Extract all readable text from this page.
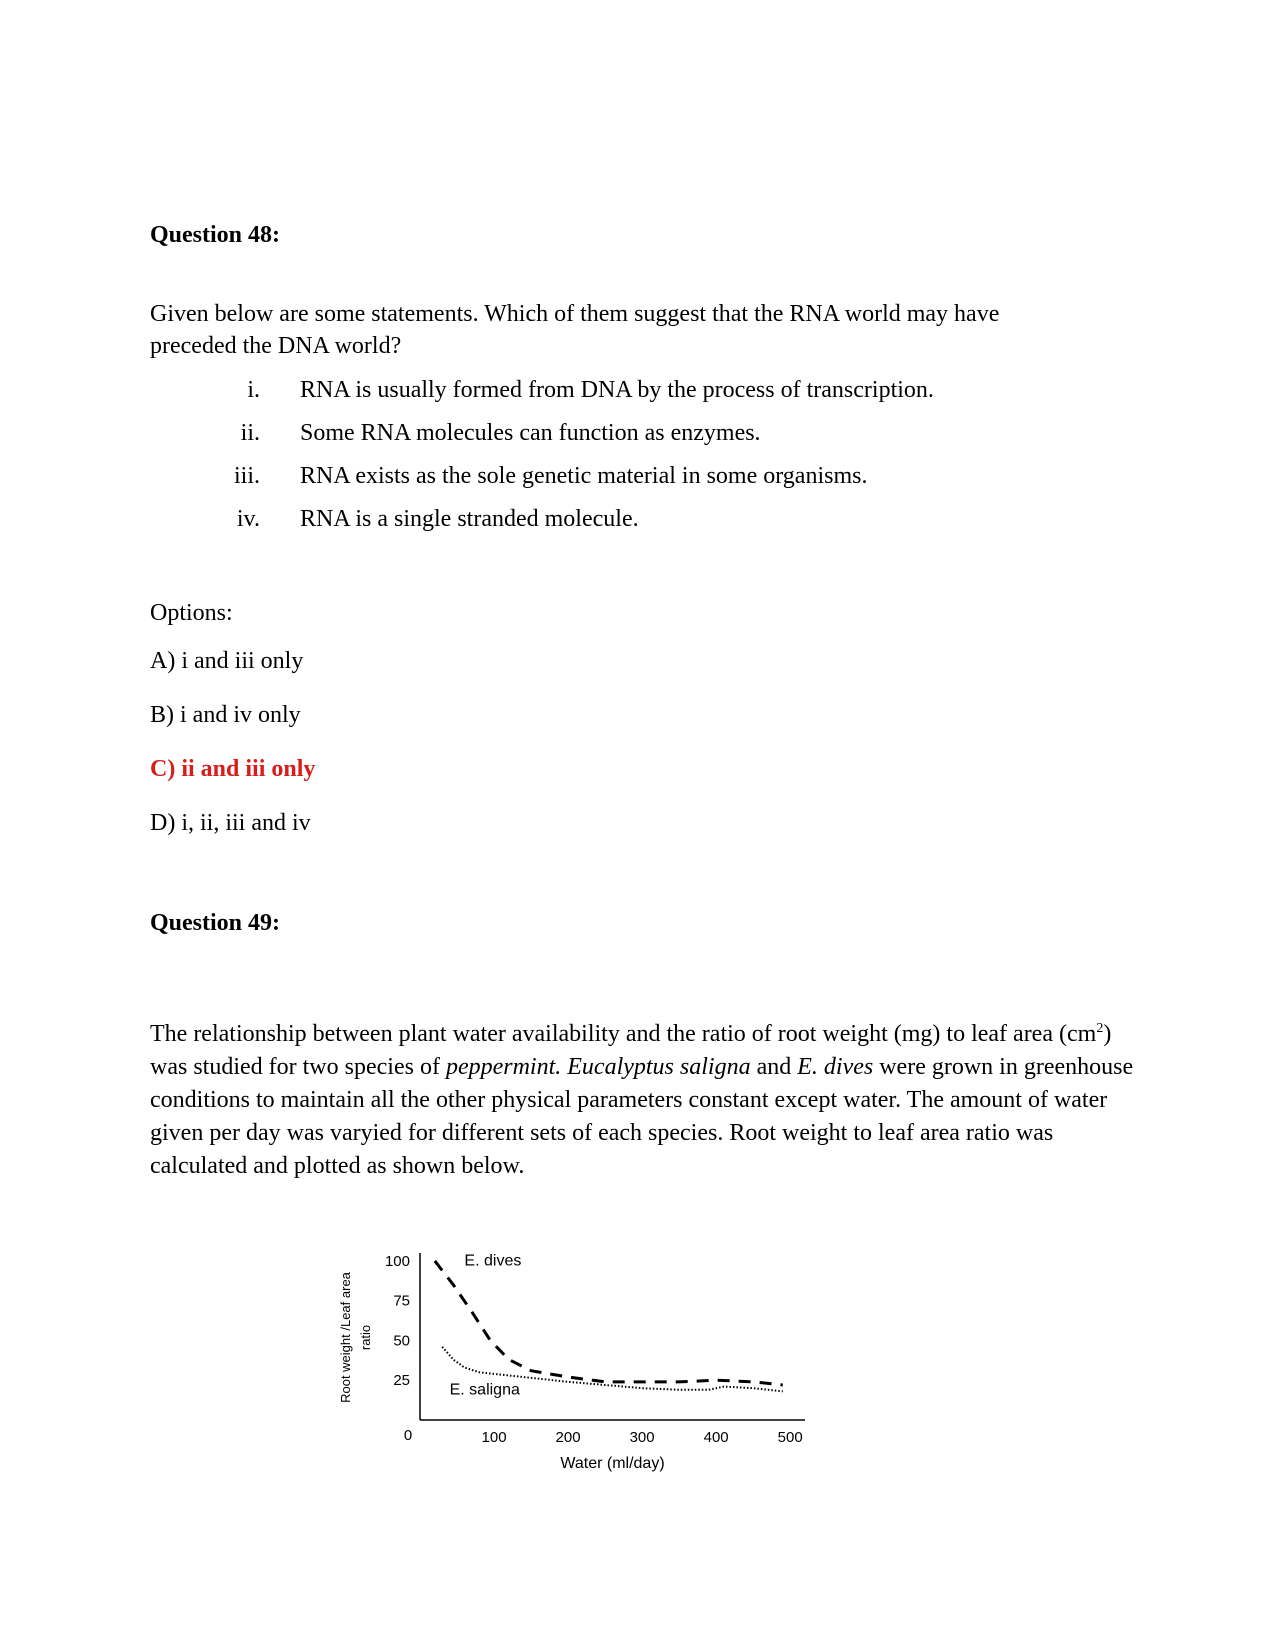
Question 48:
Given below are some statements. Which of them suggest that the RNA world may have
preceded the DNA world?
i. RNA is usually formed from DNA by the process of transcription.
ii. Some RNA molecules can function as enzymes.
iii. RNA exists as the sole genetic material in some organisms.
iv. RNA is a single stranded molecule.
Options:
A) i and iii only
B) i and iv only
C) ii and iii only
D) i, ii, iii and iv
Question 49:
The relationship between plant water availability and the ratio of root weight (mg) to leaf area $(cm^2)$ was studied for two species of peppermint. Eucalyptus saligna and E. dives were grown in greenhouse conditions to maintain all the other physical parameters constant except water. The amount of water given per day was varyied for different sets of each species. Root weight to leaf area ratio was calculated and plotted as shown below.
100	200	300	400	500
25
50
75
100	E. dives
E. saligna
0
Water (ml/day)
Root weight /Leaf area ratio
